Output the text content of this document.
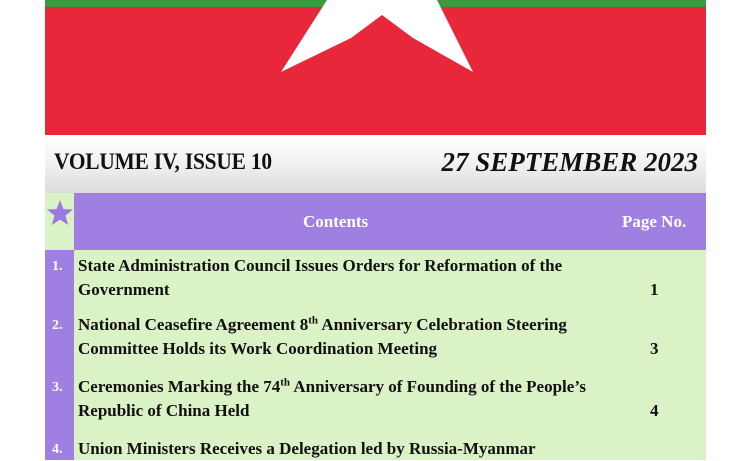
VOLUME IV, ISSUE 10	27 SEPTEMBER 2023
Contents	Page No.
1. State Administration Council Issues Orders for Reformation of the Government	1
2. National Ceasefire Agreement 8th Anniversary Celebration Steering Committee Holds its Work Coordination Meeting	3
3. Ceremonies Marking the 74th Anniversary of Founding of the People’s Republic of China Held	4
4. Union Ministers Receives a Delegation led by Russia-Myanmar
